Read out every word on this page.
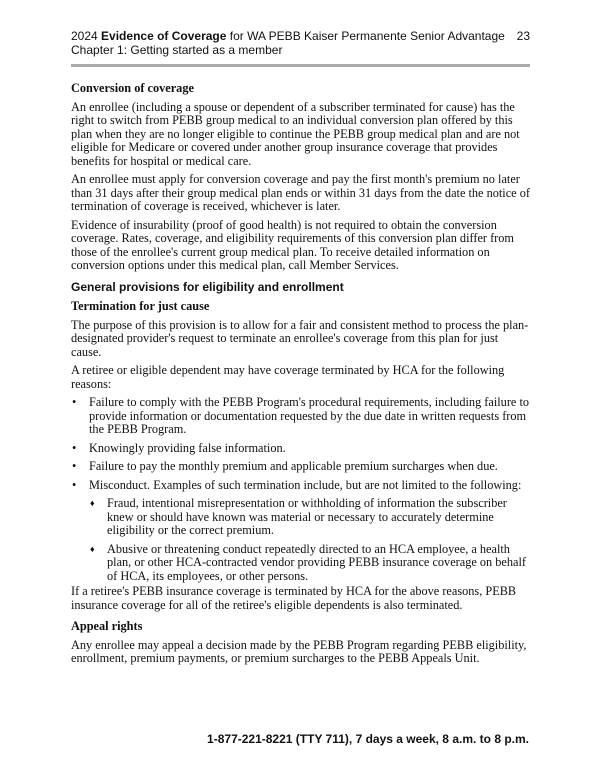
2024 Evidence of Coverage for WA PEBB Kaiser Permanente Senior Advantage
Chapter 1: Getting started as a member
23

Conversion of coverage

An enrollee (including a spouse or dependent of a subscriber terminated for cause) has the right to switch from PEBB group medical to an individual conversion plan offered by this plan when they are no longer eligible to continue the PEBB group medical plan and are not eligible for Medicare or covered under another group insurance coverage that provides benefits for hospital or medical care.

An enrollee must apply for conversion coverage and pay the first month's premium no later than 31 days after their group medical plan ends or within 31 days from the date the notice of termination of coverage is received, whichever is later.

Evidence of insurability (proof of good health) is not required to obtain the conversion coverage. Rates, coverage, and eligibility requirements of this conversion plan differ from those of the enrollee's current group medical plan. To receive detailed information on conversion options under this medical plan, call Member Services.

General provisions for eligibility and enrollment

Termination for just cause

The purpose of this provision is to allow for a fair and consistent method to process the plan-designated provider's request to terminate an enrollee's coverage from this plan for just cause.

A retiree or eligible dependent may have coverage terminated by HCA for the following reasons:

• Failure to comply with the PEBB Program's procedural requirements, including failure to provide information or documentation requested by the due date in written requests from the PEBB Program.
• Knowingly providing false information.
• Failure to pay the monthly premium and applicable premium surcharges when due.
• Misconduct. Examples of such termination include, but are not limited to the following:
♦ Fraud, intentional misrepresentation or withholding of information the subscriber knew or should have known was material or necessary to accurately determine eligibility or the correct premium.
♦ Abusive or threatening conduct repeatedly directed to an HCA employee, a health plan, or other HCA-contracted vendor providing PEBB insurance coverage on behalf of HCA, its employees, or other persons.

If a retiree's PEBB insurance coverage is terminated by HCA for the above reasons, PEBB insurance coverage for all of the retiree's eligible dependents is also terminated.

Appeal rights

Any enrollee may appeal a decision made by the PEBB Program regarding PEBB eligibility, enrollment, premium payments, or premium surcharges to the PEBB Appeals Unit.

1-877-221-8221 (TTY 711), 7 days a week, 8 a.m. to 8 p.m.
